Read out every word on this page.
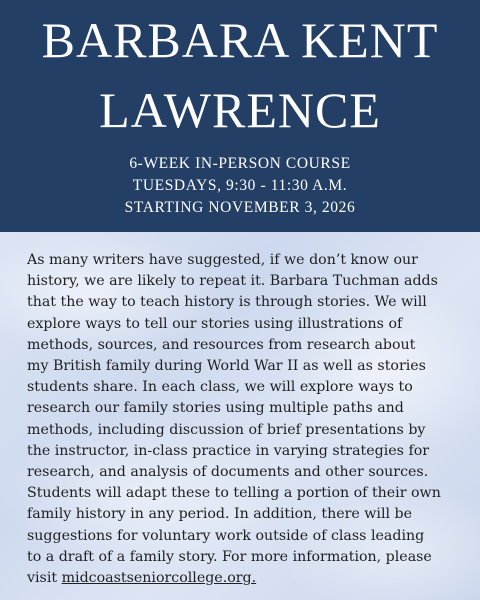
BARBARA KENT
LAWRENCE
6-WEEK IN-PERSON COURSE
TUESDAYS, 9:30 - 11:30 A.M.
STARTING NOVEMBER 3, 2026

As many writers have suggested, if we don’t know our
history, we are likely to repeat it. Barbara Tuchman adds
that the way to teach history is through stories. We will
explore ways to tell our stories using illustrations of
methods, sources, and resources from research about
my British family during World War II as well as stories
students share. In each class, we will explore ways to
research our family stories using multiple paths and
methods, including discussion of brief presentations by
the instructor, in-class practice in varying strategies for
research, and analysis of documents and other sources.
Students will adapt these to telling a portion of their own
family history in any period. In addition, there will be
suggestions for voluntary work outside of class leading
to a draft of a family story. For more information, please
visit midcoastseniorcollege.org.
